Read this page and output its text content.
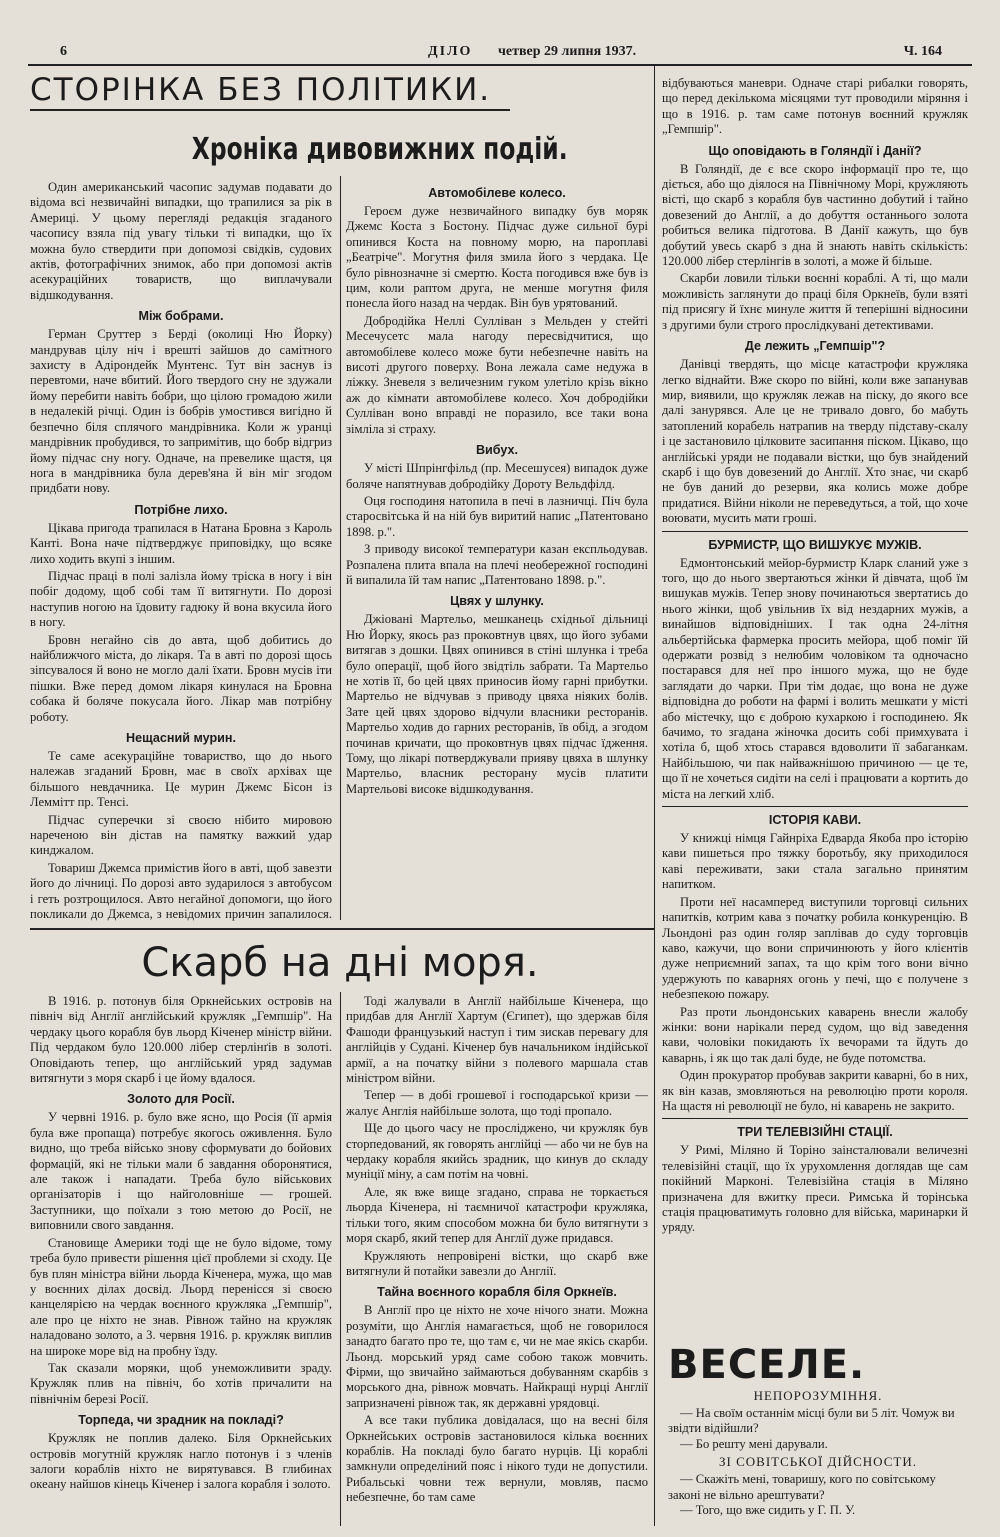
6	ДІЛО четвер 29 липня 1937.	Ч. 164
СТОРІНКА БЕЗ ПОЛІТИКИ.
Хроніка дивовижних подій.

Один американський часопис задумав подавати до відома всі незвичайні випадки, що трапилися за рік в Америці. У цьому перегляді редакція згаданого часопису взяла під увагу тільки ті випадки, що їх можна було ствердити при допомозі свідків, судових актів, фотографічних знимок, або при допомозі актів асекураційних товариств, що виплачували відшкодування.

Між бобрами.

Герман Сруттер з Берді (околиці Ню Йорку) мандрував цілу ніч і врешті зайшов до самітного захисту в Адірондейк Мунтенс. Тут він заснув із перевтоми, наче вбитий. Його твердого сну не здужали йому перебити навіть бобри, що цілою громадою жили в недалекій річці. Один із бобрів умостився вигідно й безпечно біля сплячого мандрівника. Коли ж уранці мандрівник пробудився, то запримітив, що бобр відгриз йому підчас сну ногу. Одначе, на превелике щастя, ця нога в мандрівника була дерев'яна й він міг згодом придбати нову.

Потрібне лихо.

Цікава пригода трапилася в Натана Бровна з Кароль Канті. Вона наче підтверджує приповідку, що всяке лихо ходить вкупі з іншим.

Підчас праці в полі залізла йому тріска в ногу і він побіг додому, щоб собі там її витягнути. По дорозі наступив ногою на їдовиту гадюку й вона вкусила його в ногу.

Бровн негайно сів до авта, щоб добитись до найближчого міста, до лікаря. Та в авті по дорозі щось зіпсувалося й воно не могло далі їхати. Бровн мусів іти пішки. Вже перед домом лікаря кинулася на Бровна собака й боляче покусала його. Лікар мав потрібну роботу.

Нещасний мурин.

Те саме асекураційне товариство, що до нього належав згаданий Бровн, має в своїх архівах ще більшого невдачника. Це мурин Джемс Бісон із Леммітт пр. Тенсі.

Підчас суперечки зі своєю нібито мировою нареченою він дістав на памятку важкий удар кинджалом.

Товариш Джемса примістив його в авті, щоб завезти його до лічниці. По дорозі авто зударилося з автобусом і геть розтрощилося. Авто негайної допомоги, що його покликали до Джемса, з невідомих причин запалилося.

Автомобілеве колесо.

Героєм дуже незвичайного випадку був моряк Джемс Коста з Бостону. Підчас дуже сильної бурі опинився Коста на повному морю, на пароплаві „Беатріче". Могутня филя змила його з чердака. Це було рівнозначне зі смертю. Коста погодився вже був із цим, коли раптом друга, не менше могутня филя понесла його назад на чердак. Він був урятований.

Добродійка Неллі Сулліван з Мельден у стейті Месечуcетс мала нагоду пересвідчитися, що автомобілеве колесо може бути небезпечне навіть на висоті другого поверху. Вона лежала саме недужа в ліжку. Зневеля з величезним гуком улетіло крізь вікно аж до кімнати автомобілеве колесо. Хоч добродійки Сулліван воно вправді не поразило, все таки вона зімліла зі страху.

Вибух.

У місті Шпрінгфільд (пр. Месешуcея) випадок дуже боляче напятнував добродійку Доротy Вельдфілд.

Оця господиня натопила в печі в лазничці. Піч була старосвітська й на ній був виритий напис „Патентовано 1898. р.".

З приводу високої температури казан експльодував. Розпалена плита впала на плечі необережної господині й випалила їй там напис „Патентовано 1898. р.".

Цвях у шлунку.

Джіовані Мартельо, мешканець східньої дільниці Ню Йорку, якось раз проковтнув цвях, що його зубами витягав з дошки. Цвях опинився в стіні шлунка і треба було операції, щоб його звідтіль забрати. Та Мартельо не хотів її, бо цей цвях приносив йому гарні прибутки. Мартельо не відчував з приводу цвяха ніяких болів. Зате цей цвях здорово відчули власники ресторанів. Мартельо ходив до гарних ресторанів, їв обід, а згодом починав кричати, що проковтнув цвях підчас їдження. Тому, що лікарі потверджували прияву цвяха в шлунку Мартельо, власник ресторану мусів платити Мартельові високе відшкодування.

Скарб на дні моря.

В 1916. р. потонув біля Оркнейських островів на північ від Англії англійський кружляк „Гемпшір". На чердаку цього корабля був льорд Кіченер міністр війни. Під чердаком було 120.000 лібер стерлінґів в золоті. Оповідають тепер, що англійський уряд задумав витягнути з моря скарб і це йому вдалося.

Золото для Росії.

У червні 1916. р. було вже ясно, що Росія (її армія була вже пропаща) потребує якогось оживлення. Було видно, що треба військо знову сформувати до бойових формацій, які не тільки мали б завдання оборонятися, але також і нападати. Треба було військових організаторів і що найголовніше — грошей. Заступники, що поїхали з тою метою до Росії, не виповнили свого завдання.

Становище Америки тоді ще не було відоме, тому треба було привести рішення цієї проблеми зі сходу. Це був плян міністра війни льорда Кіченера, мужа, що мав у воєнних ділах досвід. Льорд перенісся зі своєю канцелярією на чердак воєнного кружляка „Гемпшір", але про це ніхто не знав. Рівнож тайно на кружляк наладовано золото, а 3. червня 1916. р. кружляк виплив на широке море від на пробну їзду.

Так сказали моряки, щоб унеможливити зраду. Кружляк плив на північ, бо хотів причалити на північнім березі Росії.

Торпеда, чи зрадник на покладі?

Кружляк не поплив далеко. Біля Оркнейських островів могутній кружляк наглo потонув і з членів залоги кораблів ніхто не вирятувався. В глибинах океану найшов кінець Кіченер і залога корабля і золото.

Тоді жалували в Англії найбільше Кіченера, що придбав для Англії Хартум (Єгипет), що здержав біля Фашоди французький наступ і тим зискав перевагу для англійців у Судані. Кіченер був начальником індійської армії, а на початку війни з полевого маршала став міністром війни.

Тепер — в добі грошевої і господарської кризи — жалує Англія найбільше золота, що тоді пропало.

Ще до цього часу не прослідженo, чи кружляк був сторпедований, як говорять англійці — або чи не був на чердаку корабля якийсь зрадник, що кинув до складу муніції міну, а сам потім на човні.

Але, як вже вище згадано, справа не торкається льорда Кіченера, ні таємничої катастрофи кружляка, тільки того, яким способом можна би було витягнути з моря скарб, який тепер для Англії дуже придався.

Кружляють непровірені вістки, що скарб вже витягнули й потайки завезли до Англії.

Тайна воєнного корабля біля Оркнеїв.

В Англії про це ніхто не хоче нічого знати. Можна розуміти, що Англія намагається, щоб не говорилося занадто багато про те, що там є, чи не мае якісь скарби. Льонд. морський уряд саме собою також мовчить. Фірми, що звичайно займаються добуванням скарбів з морського дна, рівнож мовчать. Найкращі нурці Англії запризначені рівнож так, як державні урядовці.

А все таки публика довідалася, що на весні біля Оркнейських островів застановилося кілька воєнних кораблів. На покладі було багато нурців. Ці кораблі замкнули определіний пояс і нікого туди не допустили. Рибальські човни теж вернули, мовляв, пасмо небезпечне, бо там саме

відбуваються маневри. Одначе старі рибалки говорять, що перед декількома місяцями тут проводили міряння і що в 1916. р. там саме потонув воєнний кружляк „Гемпшір".

Що оповідають в Голяндії і Данії?

В Голяндії, де є все скоро інформації про те, що діється, або що діялося на Північному Морі, кружляють вісті, що скарб з корабля був частинно добутий і тайно довезений до Англії, а до добуття останнього золота робиться велика підготова. В Данії кажуть, що був добутий увесь скарб з дна й знають навіть скількість: 120.000 лібер стерлінгів в золоті, а може й більше.

Скарби ловили тільки воєнні кораблі. А ті, що мали можливість заглянути до праці біля Оркнеїв, були взяті під присягу й їхнє минуле життя й теперішні відносини з другими були строго прослідкувані детективами.

Де лежить „Гемпшір"?

Данівці твердять, що місце катастрофи кружляка легко віднайти. Вже скоро по війні, коли вже запанував мир, виявили, що кружляк лежав на піску, до якого все далі занурявся. Але це не тривало довго, бо мабуть затоплений корабель натрапив на тверду підставу-скалу і це застановило цілковите засипання піском. Цікаво, що англійські уряди не подавали вістки, що був знайдений скарб і що був довезений до Англії. Хто знає, чи скарб не був даний до резерви, яка колись може добре придатися. Війни ніколи не переведуться, а той, що хоче воювати, мусить мати гроші.

БУРМИСТР, ЩО ВИШУКУЄ МУЖІВ.

Едмонтонський мейор-бурмистр Кларк сланий уже з того, що до нього звертаються жінки й дівчата, щоб їм вишукав мужів. Тепер знову починаються звертатись до нього жінки, щоб увільнив їх від нездарних мужів, а винайшов відповідніших. І так одна 24-літня альбертійська фармерка просить мейора, щоб поміг їй одержати розвід з нелюбим чоловіком та одночасно постарався для неї про іншого мужа, що не буде заглядати до чарки. При тім додає, що вона не дуже відповідна до роботи на фармі і волить мешкати у місті або містечку, що є доброю кухаркою і господинею. Як бачимо, то згадана жіночка досить собі примхувата і хотіла б, щоб хтось старався вдоволити її забаганкам. Найбільшою, чи пак найважнішою причиною — це те, що її не хочеться сидіти на селі і працювати а кортить до міста на легкий хліб.

ІСТОРІЯ КАВИ.

У книжці німця Гайнріха Едварда Якоба про історію кави пишеться про тяжку боротьбу, яку приходилося каві переживати, заки стала загально принятим напитком.

Проти неї насамперед виступили торговці сильних напитків, котрим кава з початку робила конкуренцію. В Льондоні раз один голяр заплівав до суду торговців каво, кажучи, що вони спричинюють у його клієнтів дуже неприємний запах, та що крім того вони вічно удержують по каварнях огонь у печі, що є получене з небезпекою пожару.

Раз проти льондонських каварень внесли жалобу жінки: вони нарікали перед судом, що від заведення кави, чоловіки покидають їх вечорами та йдуть до каварнь, і як що так далі буде, не буде потомства.

Один прокуратор пробував закрити каварні, бо в них, як він казав, змовляються на революцію проти короля. На щастя ні революції не було, ні каварень не закрито.

ТРИ ТЕЛЕВІЗІЙНІ СТАЦІЇ.

У Римі, Мілянo й Торіно заінсталювали величезні телевізійні стації, що їх урухомлення доглядав ще сам покійний Марконі. Телевізійна стація в Міляно призначена для вжитку преси. Римська й торінська стація працюватимуть головно для війська, маринарки й уряду.

ВЕСЕЛЕ.
НЕПОРОЗУМІННЯ.

— На своїм останнім місці були ви 5 літ. Чомуж ви звідти відійшли?

— Бо решту мені дарували.

ЗІ СОВІТСЬКОЇ ДІЙСНОСТИ.

— Скажіть мені, товаришу, кого по совітському законі не вільно арештувати?

— Того, що вже сидить у Г. П. У.
